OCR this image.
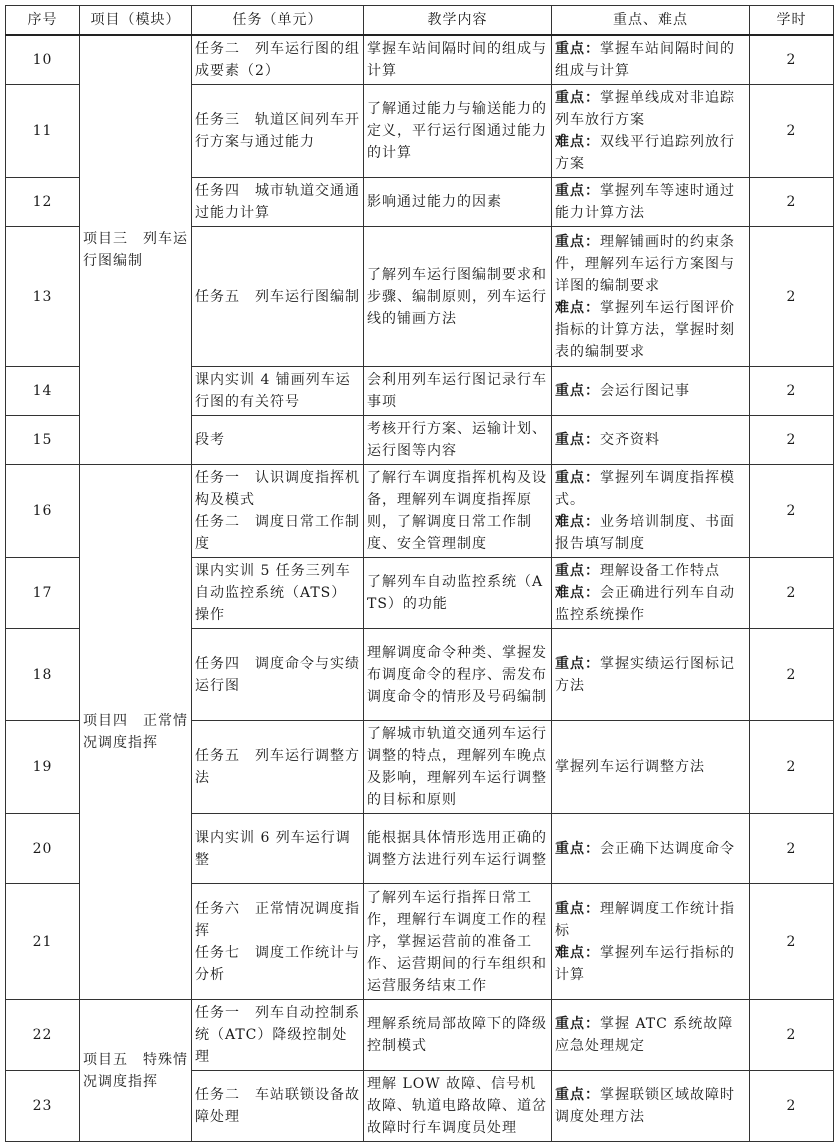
序号	项目（模块）	任务（单元）	教学内容	重点、难点	学时
10	项目三　列车运行图编制	任务二　列车运行图的组成要素（2）	掌握车站间隔时间的组成与计算	重点：掌握车站间隔时间的组成与计算	2
11		任务三　轨道区间列车开行方案与通过能力	了解通过能力与输送能力的定义，平行运行图通过能力的计算	重点：掌握单线成对非追踪列车放行方案
难点：双线平行追踪列放行方案	2
12		任务四　城市轨道交通通过能力计算	影响通过能力的因素	重点：掌握列车等速时通过能力计算方法	2
13		任务五　列车运行图编制	了解列车运行图编制要求和步骤、编制原则，列车运行线的铺画方法	重点：理解铺画时的约束条件，理解列车运行方案图与详图的编制要求
难点：掌握列车运行图评价指标的计算方法，掌握时刻表的编制要求	2
14		课内实训 4 铺画列车运行图的有关符号	会利用列车运行图记录行车事项	重点：会运行图记事	2
15		段考	考核开行方案、运输计划、运行图等内容	重点：交齐资料	2
16	项目四　正常情况调度指挥	任务一　认识调度指挥机构及模式
任务二　调度日常工作制度	了解行车调度指挥机构及设备，理解列车调度指挥原则，了解调度日常工作制度、安全管理制度	重点：掌握列车调度指挥模式。
难点：业务培训制度、书面报告填写制度	2
17		课内实训 5 任务三列车自动监控系统（ATS）操作	了解列车自动监控系统（ATS）的功能	重点：理解设备工作特点
难点：会正确进行列车自动监控系统操作	2
18		任务四　调度命令与实绩运行图	理解调度命令种类、掌握发布调度命令的程序、需发布调度命令的情形及号码编制	重点：掌握实绩运行图标记方法	2
19		任务五　列车运行调整方法	了解城市轨道交通列车运行调整的特点，理解列车晚点及影响，理解列车运行调整的目标和原则	掌握列车运行调整方法	2
20		课内实训 6 列车运行调整	能根据具体情形选用正确的调整方法进行列车运行调整	重点：会正确下达调度命令	2
21		任务六　正常情况调度指挥
任务七　调度工作统计与分析	了解列车运行指挥日常工作，理解行车调度工作的程序，掌握运营前的准备工作、运营期间的行车组织和运营服务结束工作	重点：理解调度工作统计指标
难点：掌握列车运行指标的计算	2
22	项目五　特殊情况调度指挥	任务一　列车自动控制系统（ATC）降级控制处理	理解系统局部故障下的降级控制模式	重点：掌握 ATC 系统故障应急处理规定	2
23		任务二　车站联锁设备故障处理	理解 LOW 故障、信号机故障、轨道电路故障、道岔故障时行车调度员处理	重点：掌握联锁区域故障时调度处理方法	2
